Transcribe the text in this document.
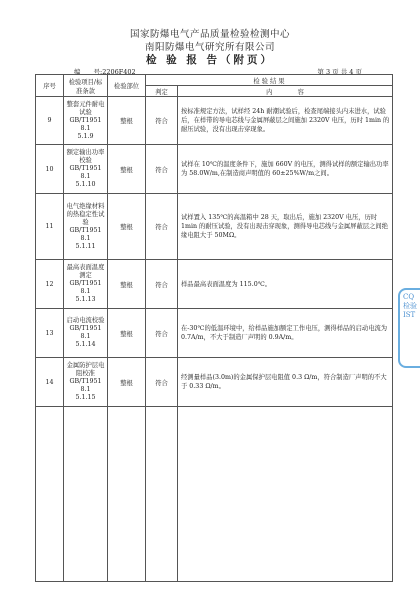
国家防爆电气产品质量检验检测中心
南阳防爆电气研究所有限公司
检 验 报 告（附页）
编　　号:2206F402	第 3 页 共 4 页
序号	检验项目/标准条款	检验部位	检 验 结 果	
			判定	内　　　　容
9	整套元件耐电试验
GB/T1951
8.1
5.1.9	整根	符合	按标准规定方法，试样经 24h 耐潮试验后，检查尾端接头内未进水，试验后，在样带的导电芯线与金属屏蔽层之间施加 2320V 电压，历时 1min 的耐压试验，没有出现击穿现象。
10	额定输出功率校验
GB/T1951
8.1
5.1.10	整根	符合	试样在 10℃的温度条件下，施加 660V 的电压，测得试样的额定输出功率为 58.0W/m,在制造商声明值的 60±25%W/m之间。
11	电气绝缘材料的热稳定性试验
GB/T1951
8.1
5.1.11	整根	符合	试样置入 135℃的高温箱中 28 天，取出后，施加 2320V 电压，历时 1min 的耐压试验，没有出现击穿现象，测得导电芯线与金属屏蔽层之间绝缘电阻大于 50MΩ。
12	最高表面温度测定
GB/T1951
8.1
5.1.13	整根	符合	样品最高表面温度为 115.0℃。
13	启动电流校验
GB/T1951
8.1
5.1.14	整根	符合	在-30℃的低温环境中，给样品施加额定工作电压，测得样品的启动电流为 0.7A/m，不大于制造厂声明的 0.9A/m。
14	金属防护层电阻校准
GB/T1951
8.1
5.1.15	整根	符合	经测量样品(3.0m)的金属保护层电阻值 0.3 Ω/m，符合制造厂声明的不大于 0.33 Ω/m。

CQ
检验
IST
